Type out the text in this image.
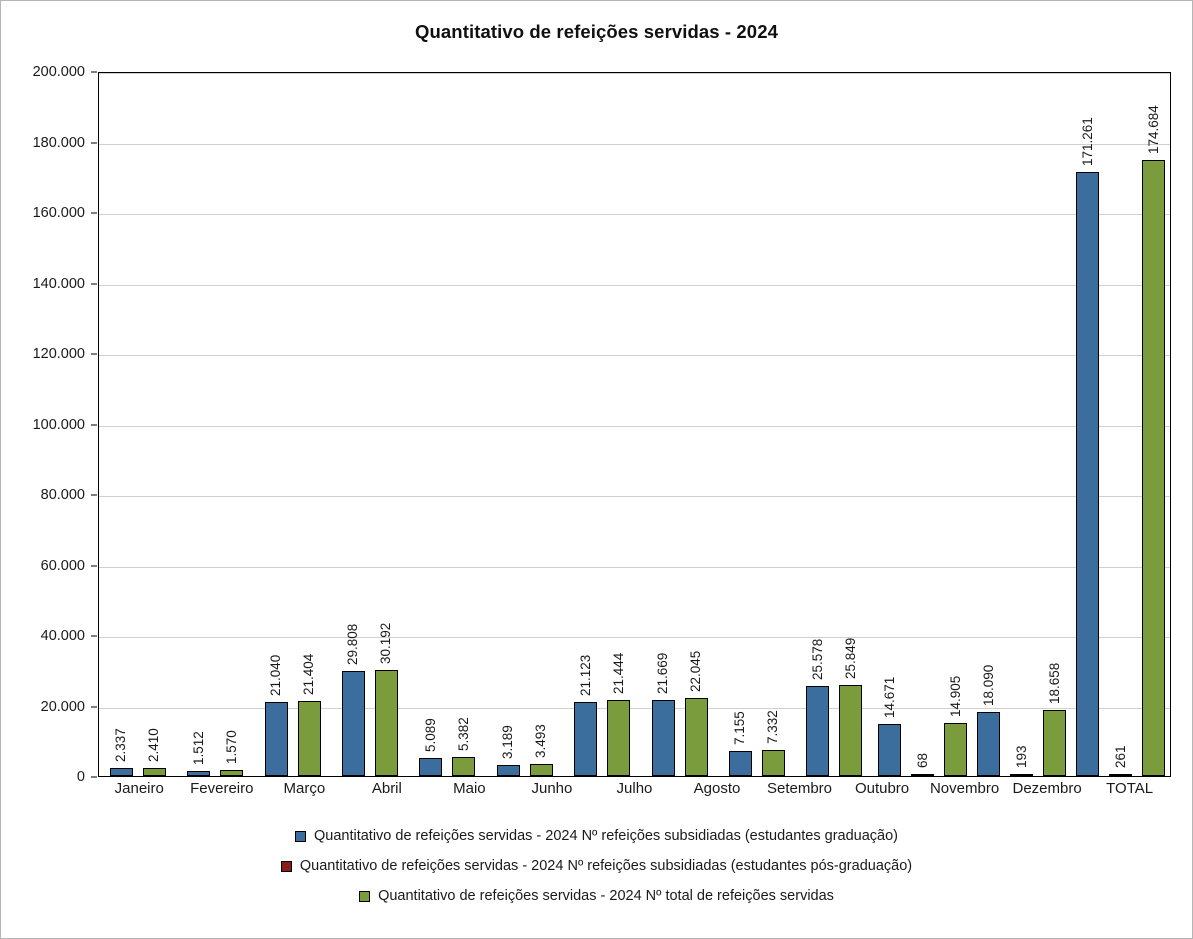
Quantitativo de refeições servidas - 2024
0
20.000
40.000
60.000
80.000
100.000
120.000
140.000
160.000
180.000
200.000
2.337 2.410 1.512 1.570
21.040 21.404
29.808 30.192
5.089 5.382 3.189 3.493
21.123 21.444 21.669 22.045
7.155 7.332
25.578 25.849
14.671
68
14.905 18.090
193
18.658
171.261
261
174.684
Janeiro	Fevereiro	Março	Abril	Maio	Junho	Julho	Agosto	Setembro	Outubro	Novembro Dezembro	TOTAL
Quantitativo de refeições servidas - 2024 Nº refeições subsidiadas (estudantes graduação)
Quantitativo de refeições servidas - 2024 Nº refeições subsidiadas (estudantes pós-graduação)
Quantitativo de refeições servidas - 2024 Nº total de refeições servidas
